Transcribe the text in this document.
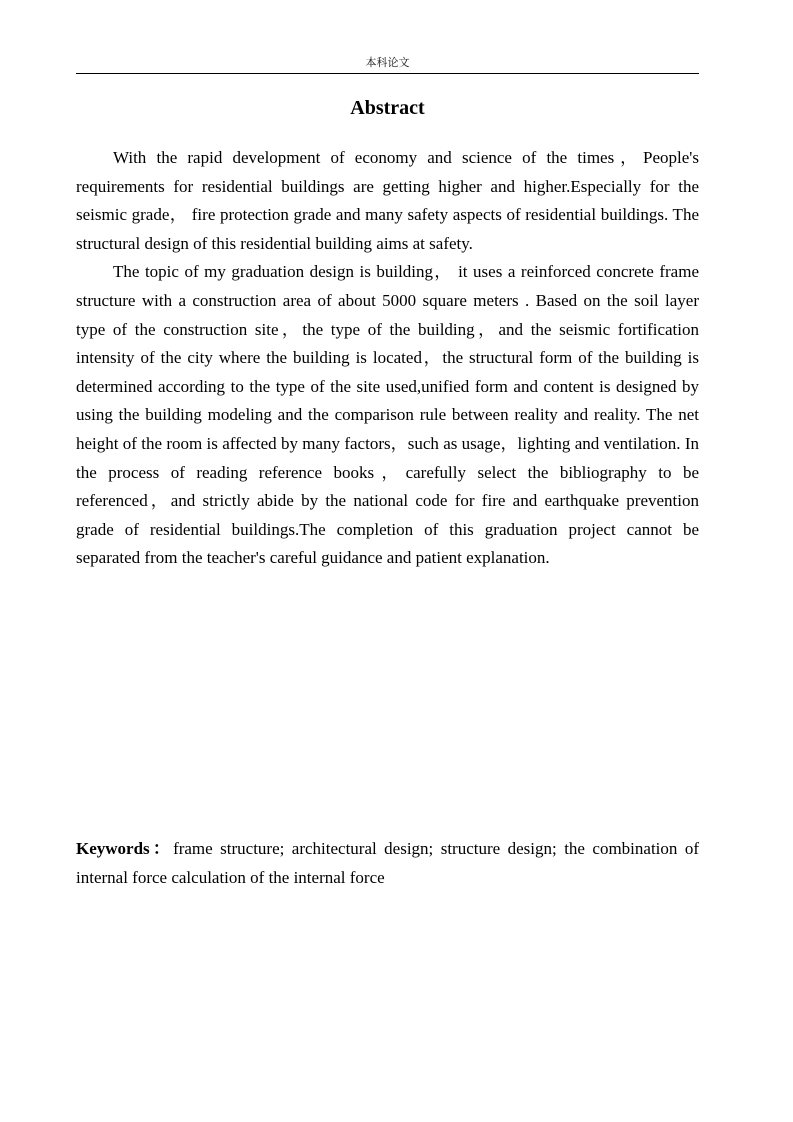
本科论文
Abstract

With the rapid development of economy and science of the times，People's requirements for residential buildings are getting higher and higher.Especially for the seismic grade， fire protection grade and many safety aspects of residential buildings. The structural design of this residential building aims at safety.

The topic of my graduation design is building， it uses a reinforced concrete frame structure with a construction area of about 5000 square meters . Based on the soil layer type of the construction site，the type of the building，and the seismic fortification intensity of the city where the building is located，the structural form of the building is determined according to the type of the site used,unified form and content is designed by using the building modeling and the comparison rule between reality and reality. The net height of the room is affected by many factors，such as usage，lighting and ventilation. In the process of reading reference books，carefully select the bibliography to be referenced，and strictly abide by the national code for fire and earthquake prevention grade of residential buildings.The completion of this graduation project cannot be separated from the teacher's careful guidance and patient explanation.

Keywords：frame structure; architectural design; structure design; the combination of internal force calculation of the internal force
